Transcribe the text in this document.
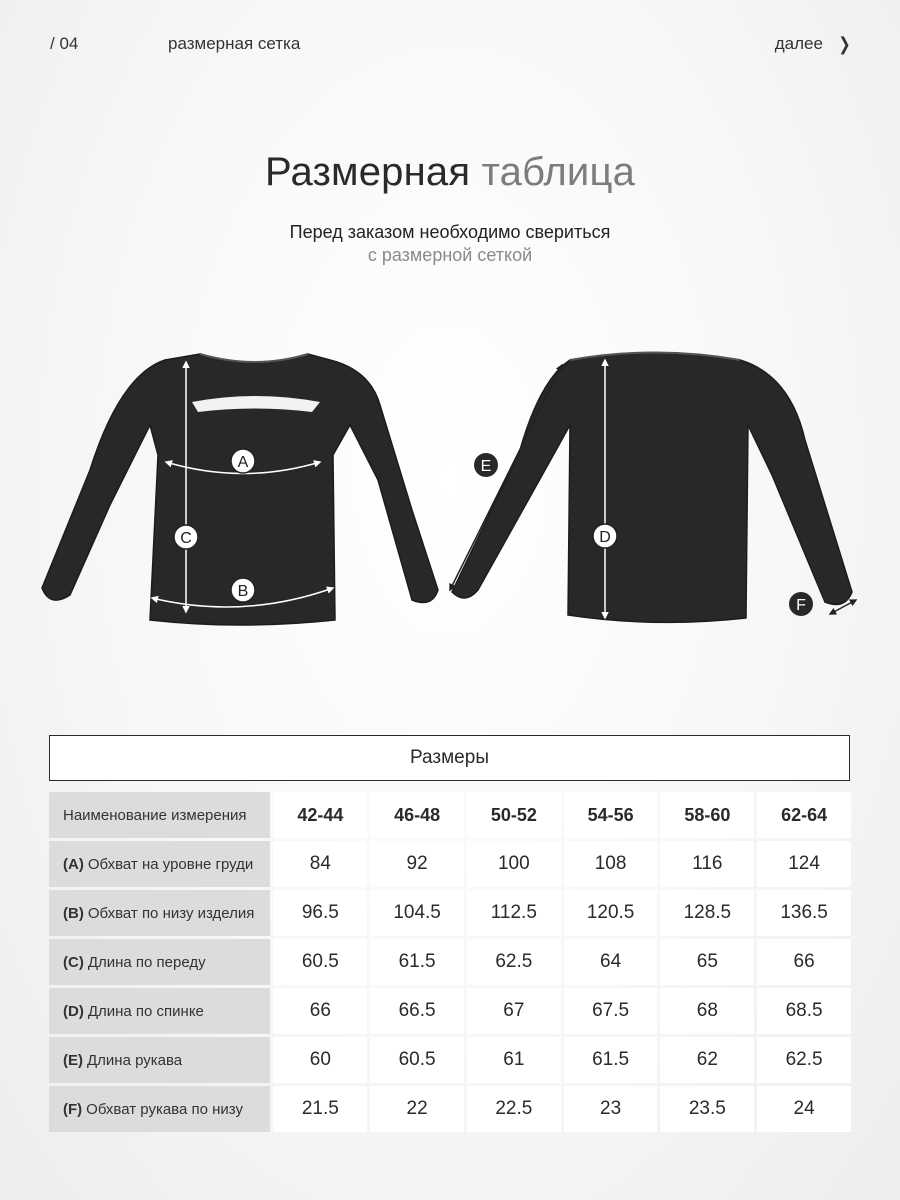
/ 04	размерная сетка	далее ❯
Размерная таблица
Перед заказом необходимо свериться
с размерной сеткой
A
B
C	D
E
F
Размеры
Наименование измерения	42-44	46-48	50-52	54-56	58-60	62-64
(A) Обхват на уровне груди	84	92	100	108	116	124
(B) Обхват по низу изделия	96.5	104.5	112.5	120.5	128.5	136.5
(C) Длина по переду	60.5	61.5	62.5	64	65	66
(D) Длина по спинке	66	66.5	67	67.5	68	68.5
(E) Длина рукава	60	60.5	61	61.5	62	62.5
(F) Обхват рукава по низу	21.5	22	22.5	23	23.5	24
